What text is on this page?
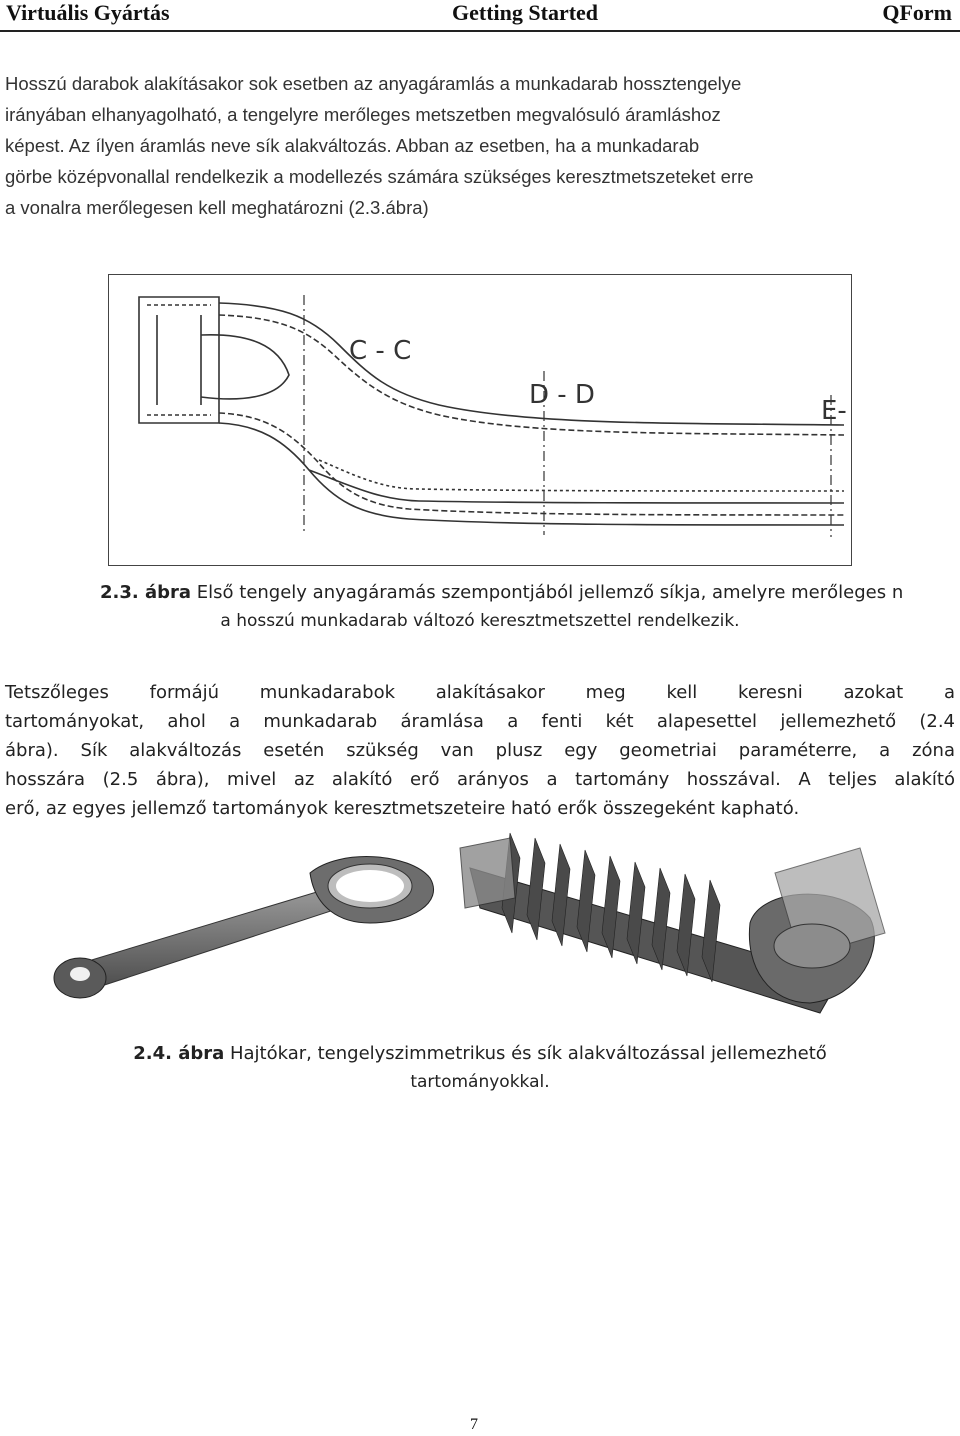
Virtuális Gyártás	Getting Started	QForm
Hosszú darabok alakításakor sok esetben az anyagáramlás a munkadarab hossztengelye
irányában elhanyagolható, a tengelyre merőleges metszetben megvalósuló áramláshoz
képest. Az ílyen áramlás neve sík alakváltozás. Abban az esetben, ha a munkadarab
görbe középvonallal rendelkezik a modellezés számára szükséges keresztmetszeteket erre
a vonalra merőlegesen kell meghatározni (2.3.ábra)
C - C
D - D
E-
2.3. ábra Első tengely anyagáramás szempontjából jellemző síkja, amelyre merőleges n
a hosszú munkadarab változó keresztmetszettel rendelkezik.
Tetszőleges formájú munkadarabok alakításakor meg kell keresni azokat a
tartományokat, ahol a munkadarab áramlása a fenti két alapesettel jellemezhető (2.4
ábra). Sík alakváltozás esetén szükség van plusz egy geometriai paraméterre, a zóna
hosszára (2.5 ábra), mivel az alakító erő arányos a tartomány hosszával. A teljes alakító
erő, az egyes jellemző tartományok keresztmetszeteire ható erők összegeként kapható.
2.4. ábra Hajtókar, tengelyszimmetrikus és sík alakváltozással jellemezhető
tartományokkal.
7
